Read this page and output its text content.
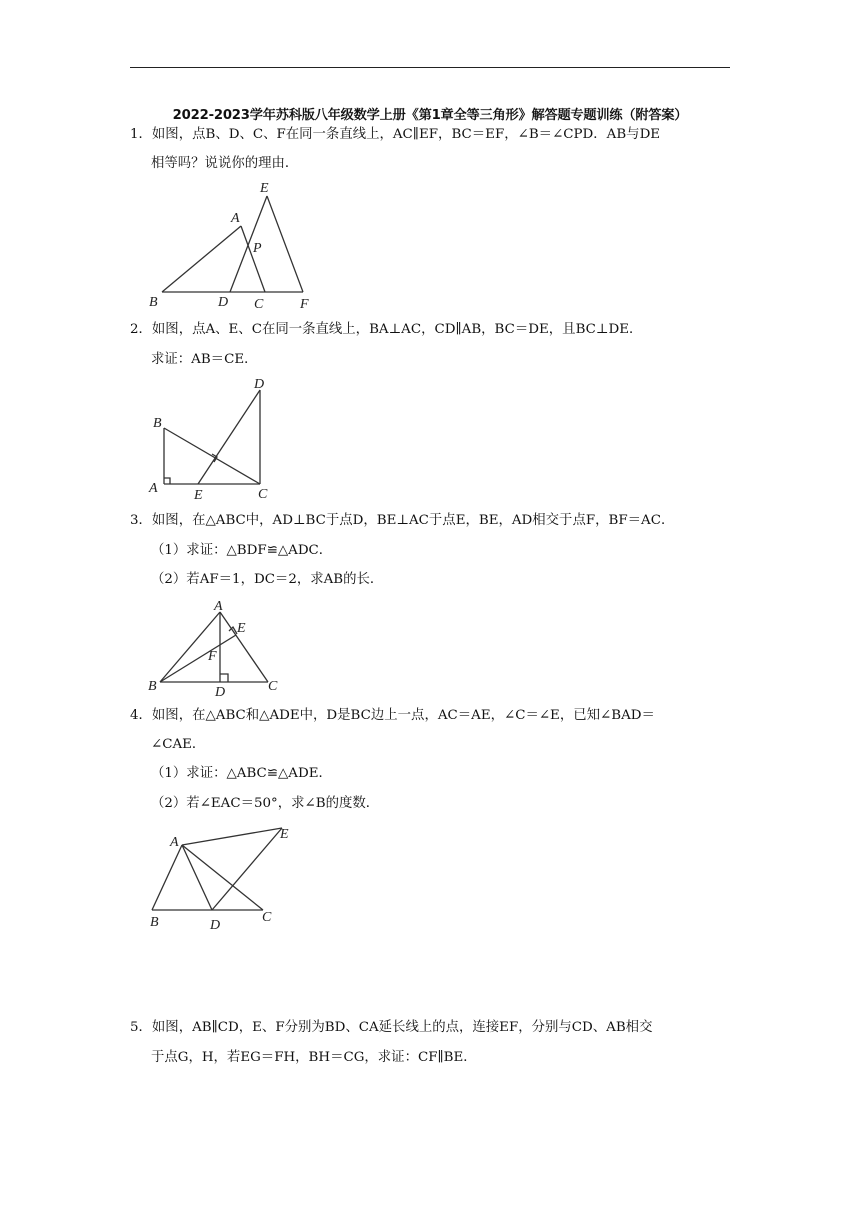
2022-2023学年苏科版八年级数学上册《第1章全等三角形》解答题专题训练（附答案）
1．如图，点B、D、C、F在同一条直线上，AC∥EF，BC＝EF，∠B＝∠CPD．AB与DE
相等吗？说说你的理由．
E
A
P
B	D C	F
2．如图，点A、E、C在同一条直线上，BA⊥AC，CD∥AB，BC＝DE，且BC⊥DE．
求证：AB＝CE．
D
B
A	E	C
3．如图，在△ABC中，AD⊥BC于点D，BE⊥AC于点E，BE，AD相交于点F，BF＝AC．
（1）求证：△BDF≌△ADC．
（2）若AF＝1，DC＝2，求AB的长．
A
E
F
B	D	C
4．如图，在△ABC和△ADE中，D是BC边上一点，AC＝AE，∠C＝∠E，已知∠BAD＝
∠CAE．
（1）求证：△ABC≌△ADE．
（2）若∠EAC＝50°，求∠B的度数．
A
E
B	D
C
5．如图，AB∥CD，E、F分别为BD、CA延长线上的点，连接EF，分别与CD、AB相交
于点G，H，若EG＝FH，BH＝CG，求证：CF∥BE．
